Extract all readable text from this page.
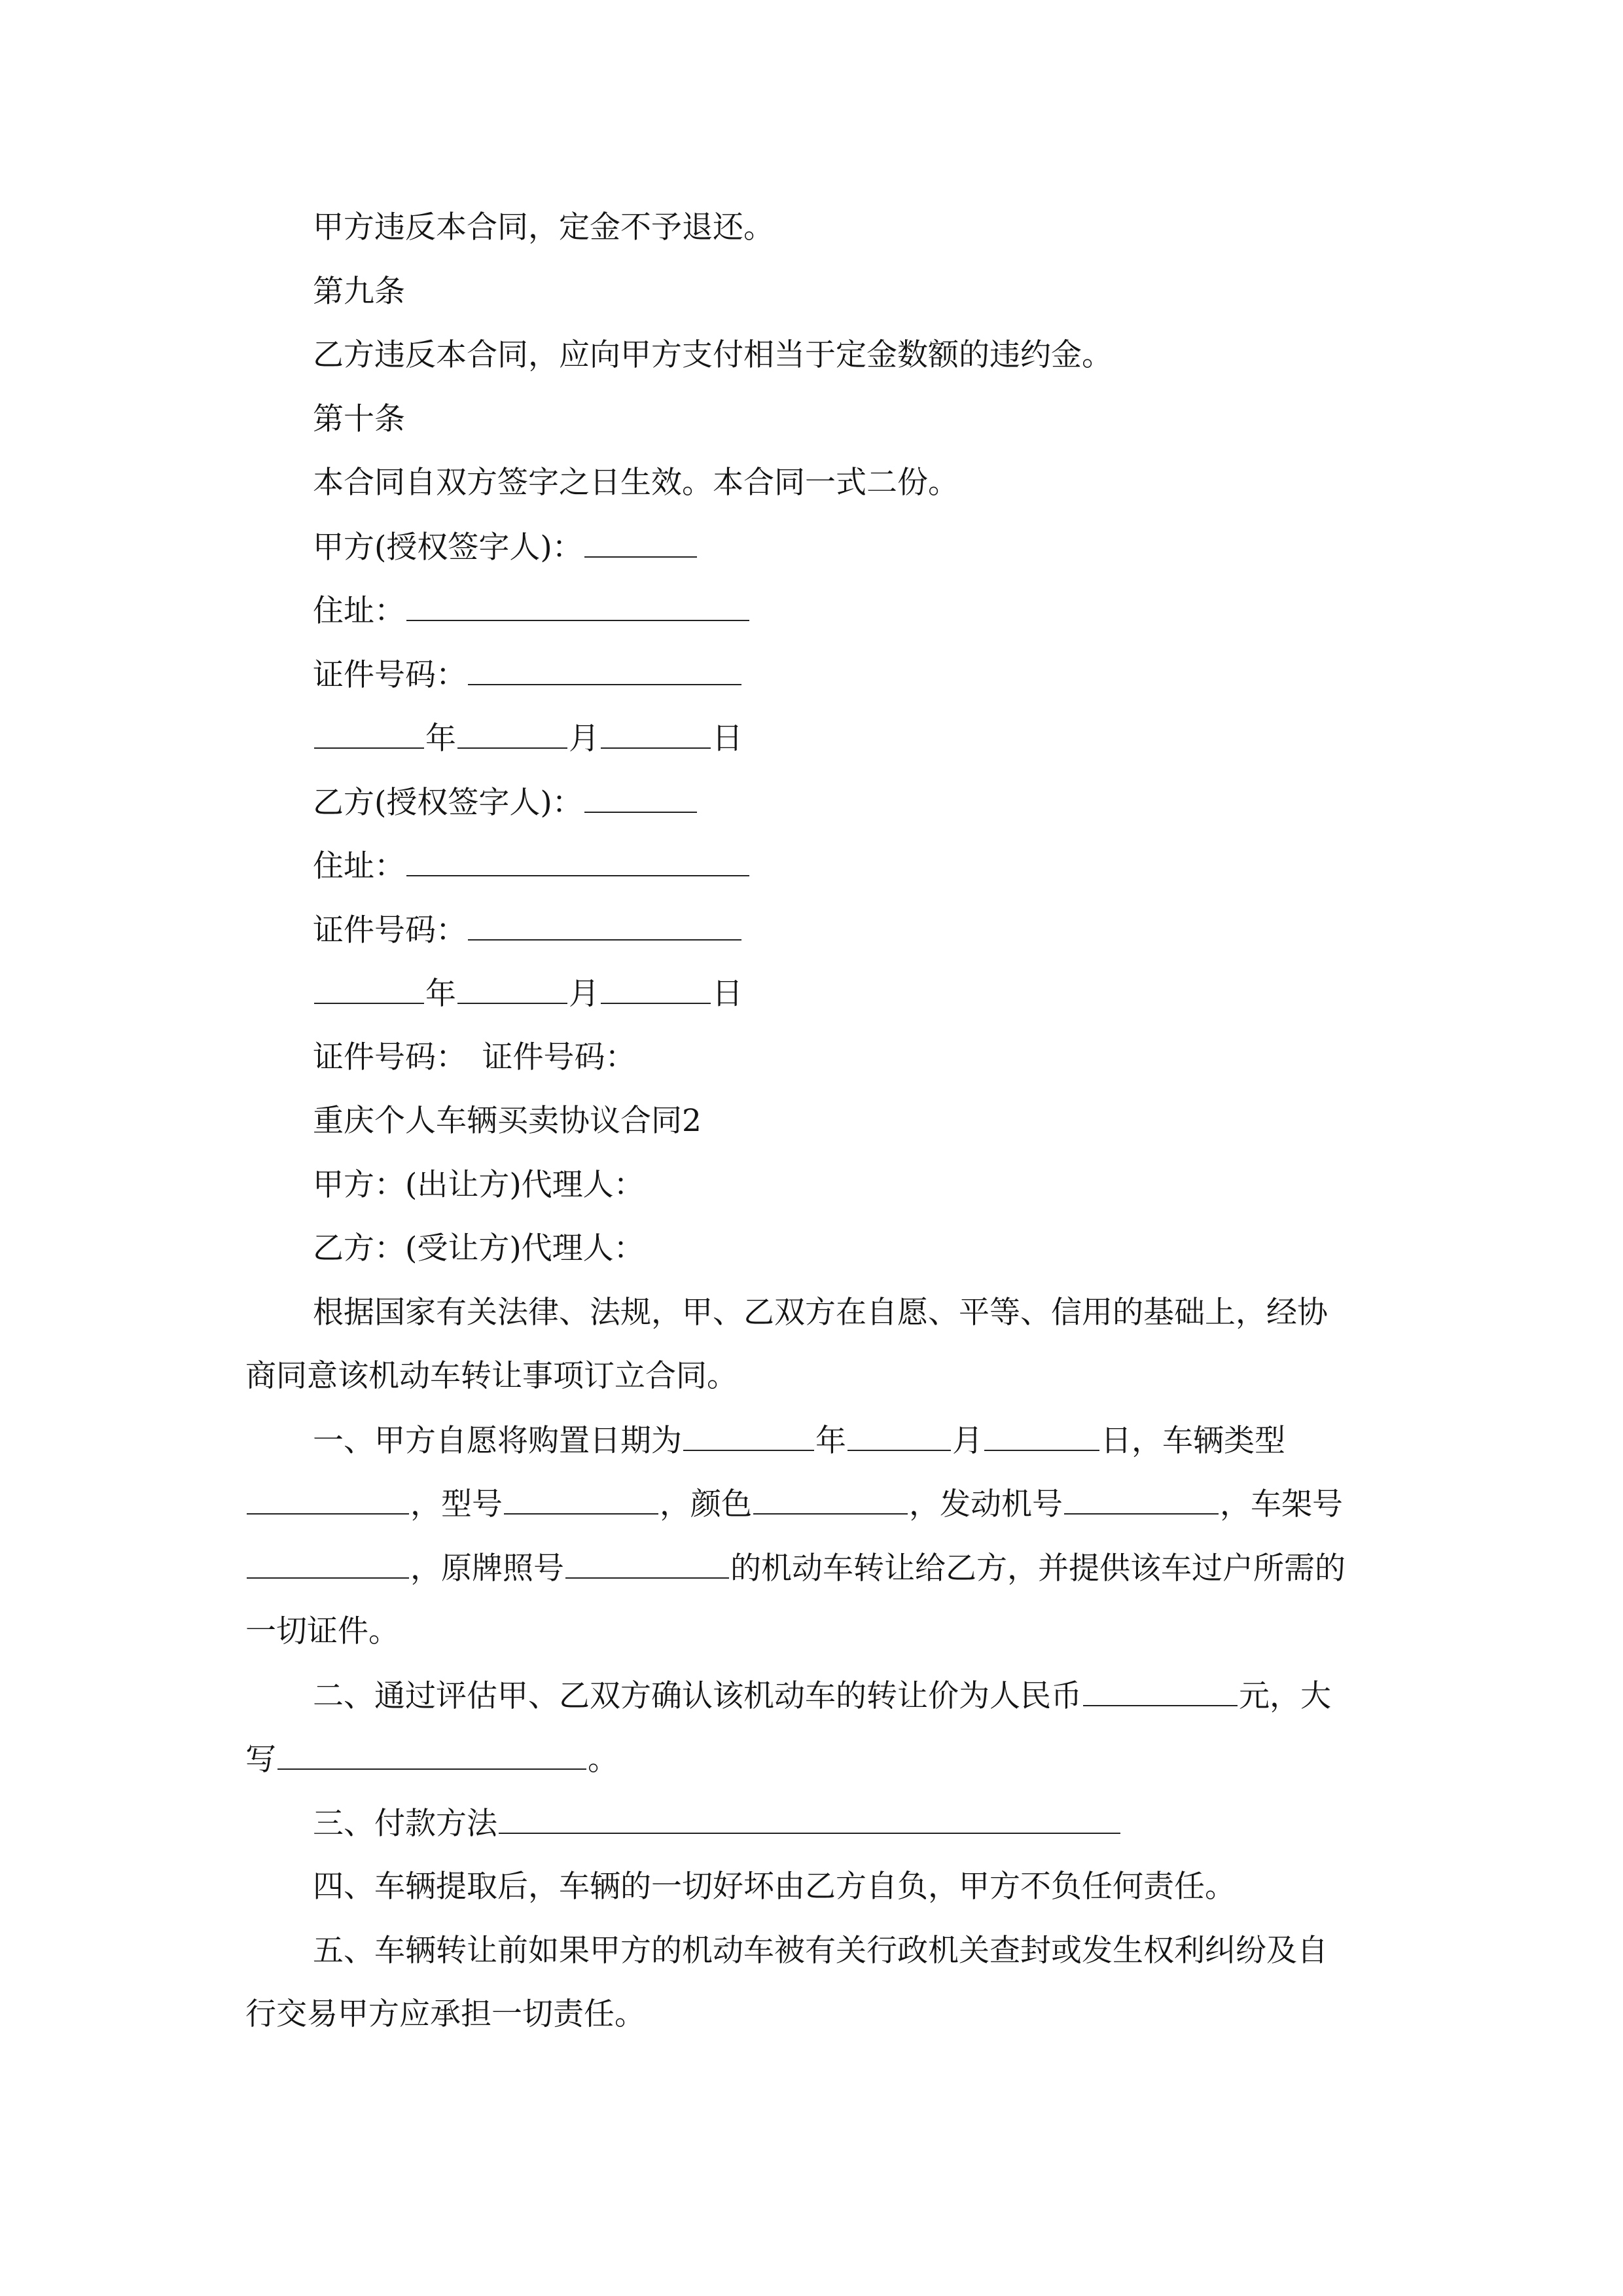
甲方违反本合同，定金不予退还。
第九条
乙方违反本合同，应向甲方支付相当于定金数额的违约金。
第十条
本合同自双方签字之日生效。本合同一式二份。
甲方(授权签字人)：
住址：
证件号码：
年	月	日
乙方(授权签字人)：
住址：
证件号码：
年	月	日
证件号码：　证件号码：
重庆个人车辆买卖协议合同2
甲方：(出让方)代理人：
乙方：(受让方)代理人：
根据国家有关法律、法规，甲、乙双方在自愿、平等、信用的基础上，经协
商同意该机动车转让事项订立合同。
一、甲方自愿将购置日期为	年	月	日，车辆类型
，型号	，颜色	，发动机号	，车架号
，原牌照号	的机动车转让给乙方，并提供该车过户所需的
一切证件。
二、通过评估甲、乙双方确认该机动车的转让价为人民币	元，大
写	。
三、付款方法
四、车辆提取后，车辆的一切好坏由乙方自负，甲方不负任何责任。
五、车辆转让前如果甲方的机动车被有关行政机关查封或发生权利纠纷及自
行交易甲方应承担一切责任。
